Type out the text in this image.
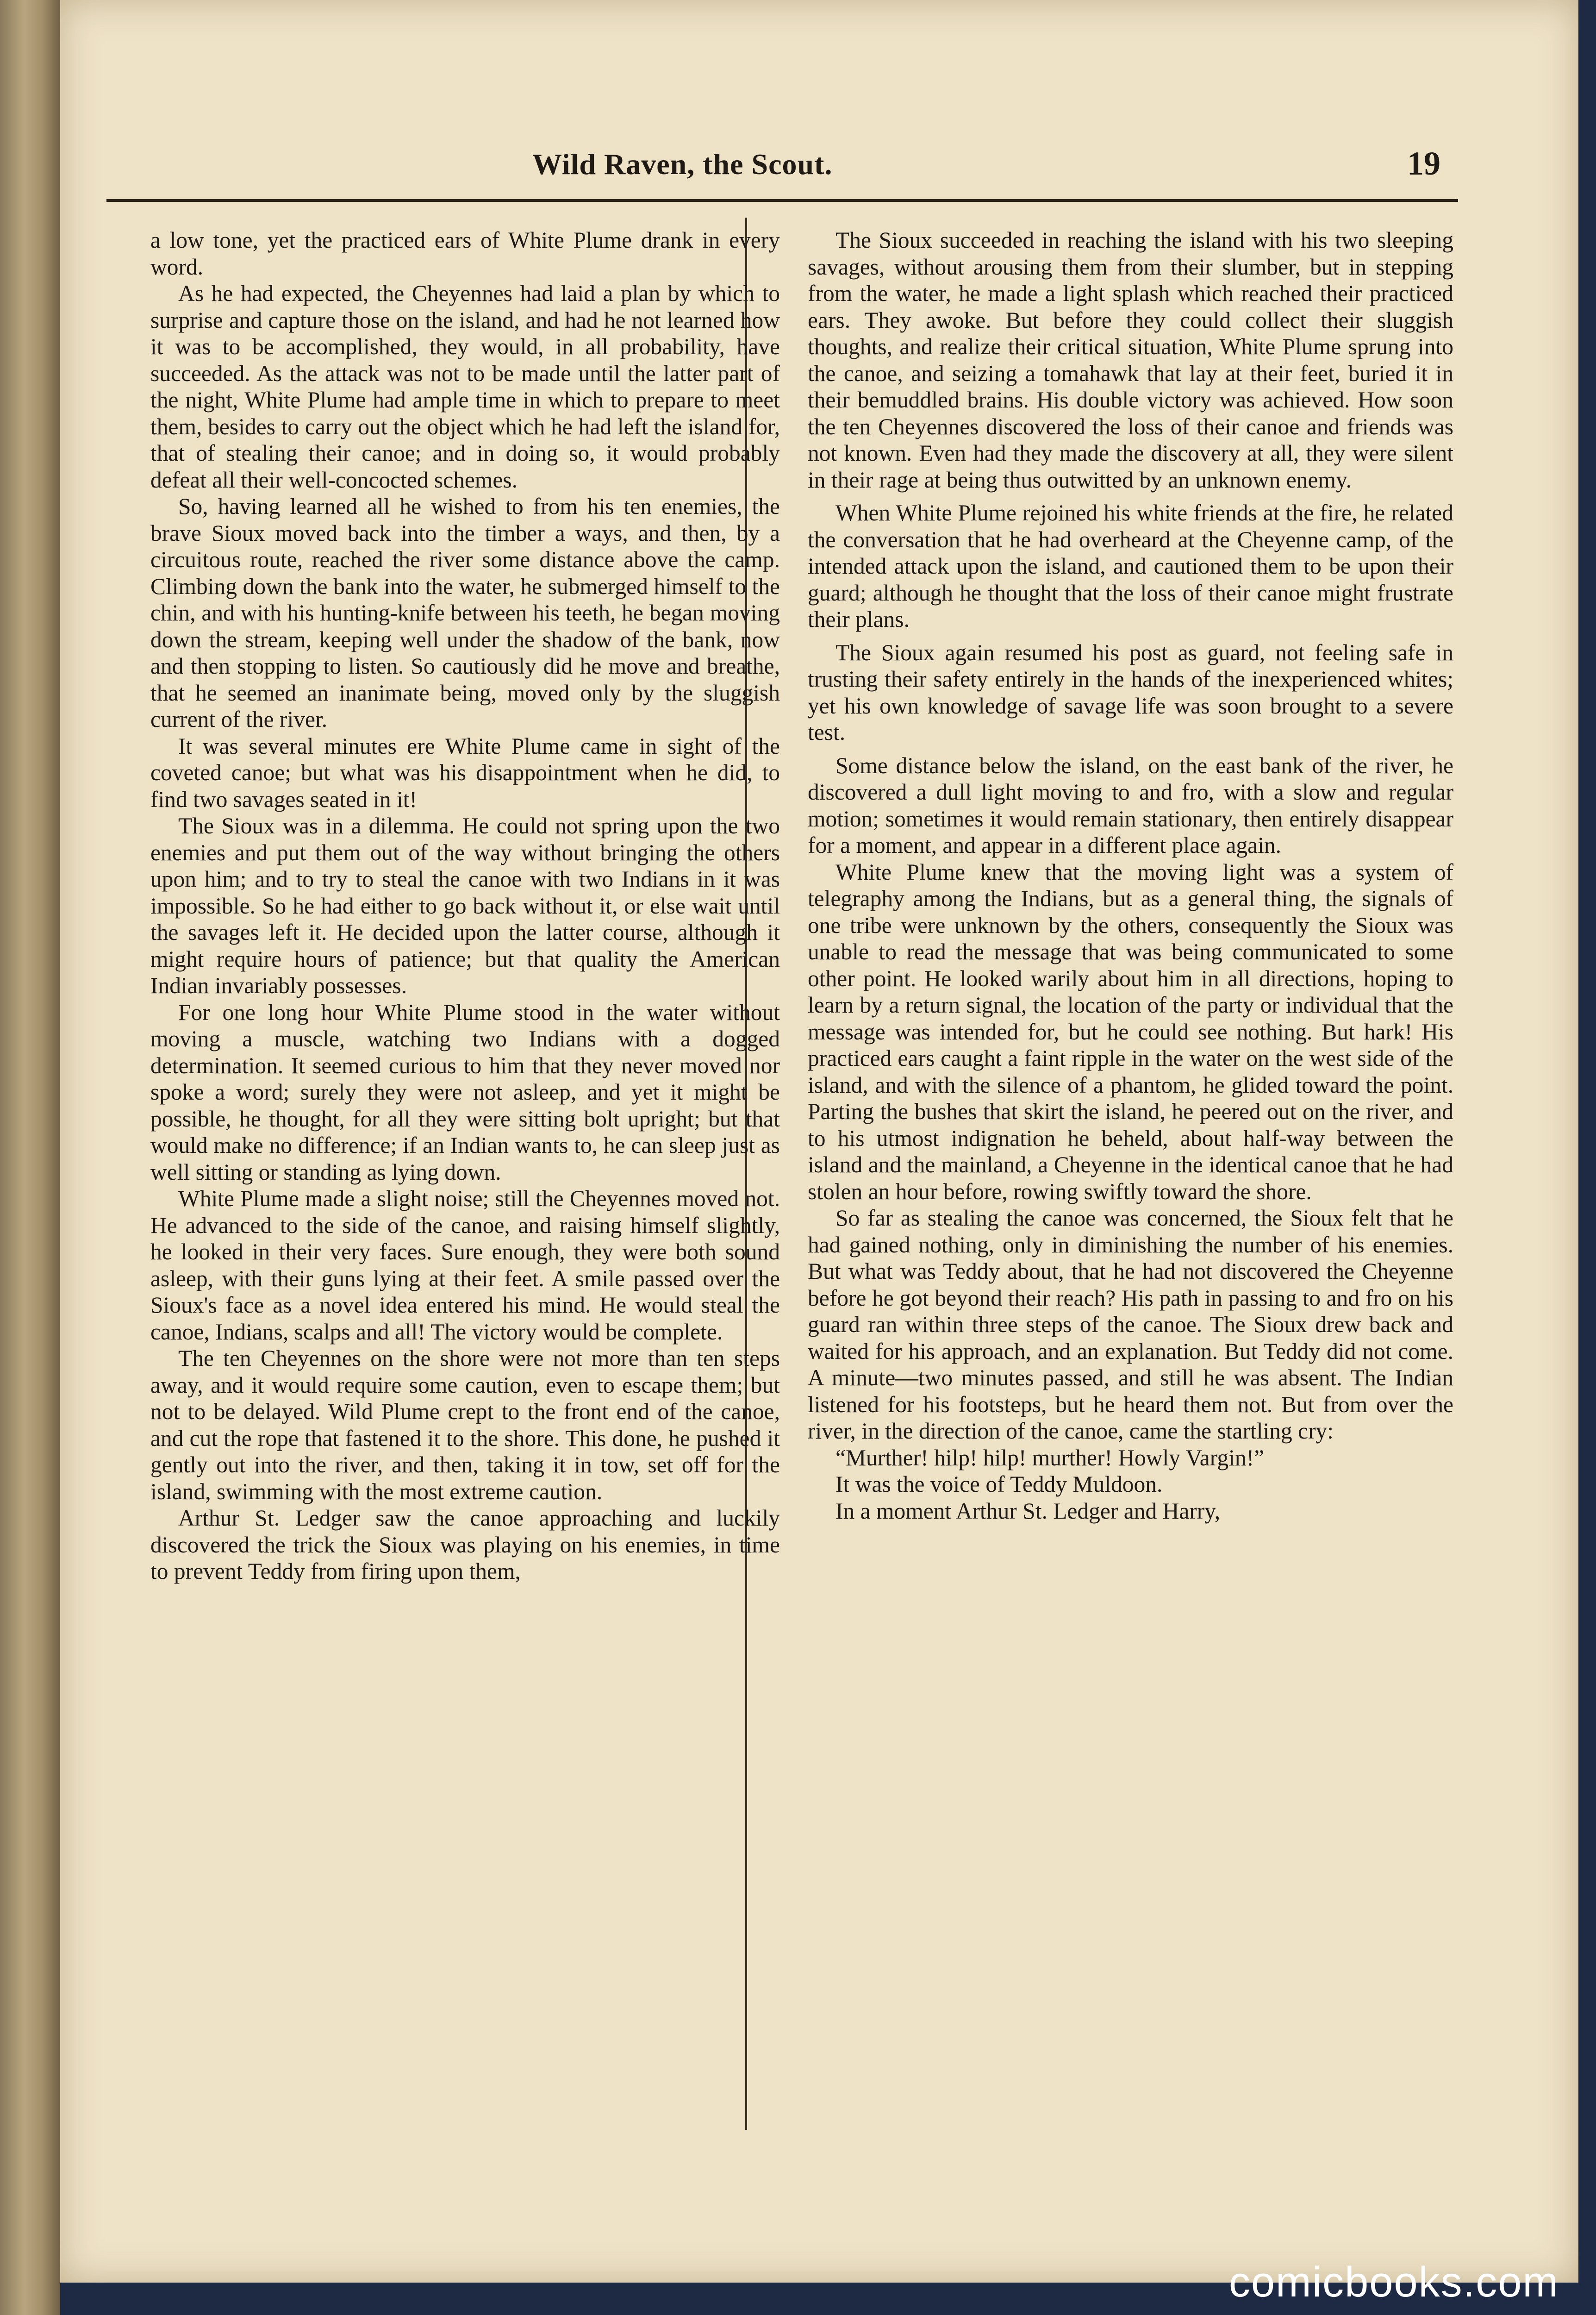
Wild Raven, the Scout.	19

a low tone, yet the practiced ears of White Plume drank in every word.

As he had expected, the Cheyennes had laid a plan by which to surprise and capture those on the island, and had he not learned how it was to be accomplished, they would, in all probability, have succeeded. As the attack was not to be made until the latter part of the night, White Plume had ample time in which to prepare to meet them, besides to carry out the object which he had left the island for, that of stealing their canoe; and in doing so, it would probably defeat all their well-concocted schemes.

So, having learned all he wished to from his ten enemies, the brave Sioux moved back into the timber a ways, and then, by a circuitous route, reached the river some distance above the camp. Climbing down the bank into the water, he submerged himself to the chin, and with his hunting-knife between his teeth, he began moving down the stream, keeping well under the shadow of the bank, now and then stopping to listen. So cautiously did he move and breathe, that he seemed an inanimate being, moved only by the sluggish current of the river.

It was several minutes ere White Plume came in sight of the coveted canoe; but what was his disappointment when he did, to find two savages seated in it!

The Sioux was in a dilemma. He could not spring upon the two enemies and put them out of the way without bringing the others upon him; and to try to steal the canoe with two Indians in it was impossible. So he had either to go back without it, or else wait until the savages left it. He decided upon the latter course, although it might require hours of patience; but that quality the American Indian invariably possesses.

For one long hour White Plume stood in the water without moving a muscle, watching two Indians with a dogged determination. It seemed curious to him that they never moved nor spoke a word; surely they were not asleep, and yet it might be possible, he thought, for all they were sitting bolt upright; but that would make no difference; if an Indian wants to, he can sleep just as well sitting or standing as lying down.

White Plume made a slight noise; still the Cheyennes moved not. He advanced to the side of the canoe, and raising himself slightly, he looked in their very faces. Sure enough, they were both sound asleep, with their guns lying at their feet. A smile passed over the Sioux's face as a novel idea entered his mind. He would steal the canoe, Indians, scalps and all! The victory would be complete.

The ten Cheyennes on the shore were not more than ten steps away, and it would require some caution, even to escape them; but not to be delayed. Wild Plume crept to the front end of the canoe, and cut the rope that fastened it to the shore. This done, he pushed it gently out into the river, and then, taking it in tow, set off for the island, swimming with the most extreme caution.

Arthur St. Ledger saw the canoe approaching and luckily discovered the trick the Sioux was playing on his enemies, in time to prevent Teddy from firing upon them,

The Sioux succeeded in reaching the island with his two sleeping savages, without arousing them from their slumber, but in stepping from the water, he made a light splash which reached their practiced ears. They awoke. But before they could collect their sluggish thoughts, and realize their critical situation, White Plume sprung into the canoe, and seizing a tomahawk that lay at their feet, buried it in their bemuddled brains. His double victory was achieved. How soon the ten Cheyennes discovered the loss of their canoe and friends was not known. Even had they made the discovery at all, they were silent in their rage at being thus outwitted by an unknown enemy.

When White Plume rejoined his white friends at the fire, he related the conversation that he had overheard at the Cheyenne camp, of the intended attack upon the island, and cautioned them to be upon their guard; although he thought that the loss of their canoe might frustrate their plans.

The Sioux again resumed his post as guard, not feeling safe in trusting their safety entirely in the hands of the inexperienced whites; yet his own knowledge of savage life was soon brought to a severe test.

Some distance below the island, on the east bank of the river, he discovered a dull light moving to and fro, with a slow and regular motion; sometimes it would remain stationary, then entirely disappear for a moment, and appear in a different place again.

White Plume knew that the moving light was a system of telegraphy among the Indians, but as a general thing, the signals of one tribe were unknown by the others, consequently the Sioux was unable to read the message that was being communicated to some other point. He looked warily about him in all directions, hoping to learn by a return signal, the location of the party or individual that the message was intended for, but he could see nothing. But hark! His practiced ears caught a faint ripple in the water on the west side of the island, and with the silence of a phantom, he glided toward the point. Parting the bushes that skirt the island, he peered out on the river, and to his utmost indignation he beheld, about half-way between the island and the mainland, a Cheyenne in the identical canoe that he had stolen an hour before, rowing swiftly toward the shore.

So far as stealing the canoe was concerned, the Sioux felt that he had gained nothing, only in diminishing the number of his enemies. But what was Teddy about, that he had not discovered the Cheyenne before he got beyond their reach? His path in passing to and fro on his guard ran within three steps of the canoe. The Sioux drew back and waited for his approach, and an explanation. But Teddy did not come. A minute—two minutes passed, and still he was absent. The Indian listened for his footsteps, but he heard them not. But from over the river, in the direction of the canoe, came the startling cry:

“Murther! hilp! hilp! murther! Howly Vargin!”

It was the voice of Teddy Muldoon.

In a moment Arthur St. Ledger and Harry,

comicbooks.com
